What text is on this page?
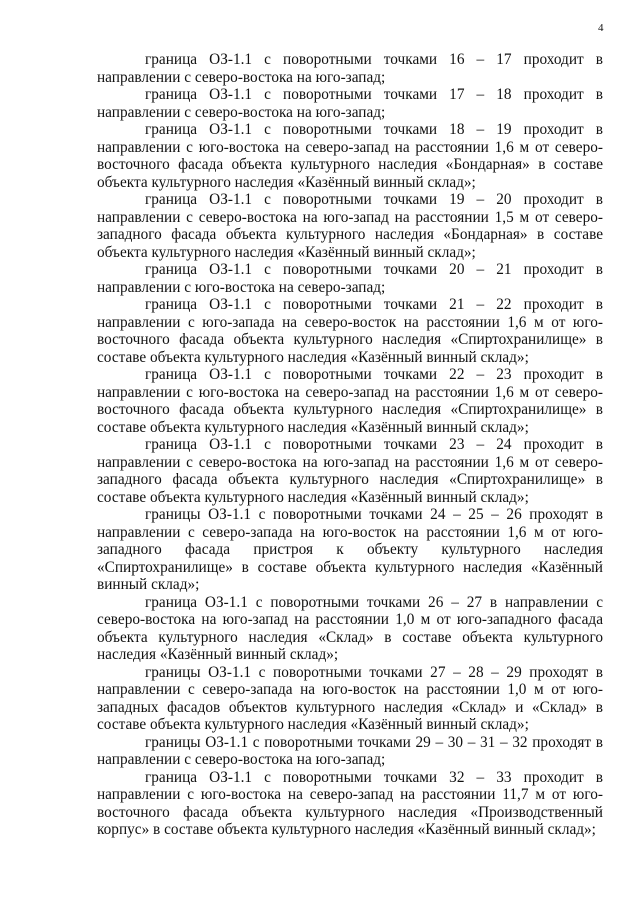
4

граница ОЗ-1.1 с поворотными точками 16 – 17 проходит в направлении с северо-востока на юго-запад;

граница ОЗ-1.1 с поворотными точками 17 – 18 проходит в направлении с северо-востока на юго-запад;

граница ОЗ-1.1 с поворотными точками 18 – 19 проходит в направлении с юго-востока на северо-запад на расстоянии 1,6 м от северо-восточного фасада объекта культурного наследия «Бондарная» в составе объекта культурного наследия «Казённый винный склад»;

граница ОЗ-1.1 с поворотными точками 19 – 20 проходит в направлении с северо-востока на юго-запад на расстоянии 1,5 м от северо-западного фасада объекта культурного наследия «Бондарная» в составе объекта культурного наследия «Казённый винный склад»;

граница ОЗ-1.1 с поворотными точками 20 – 21 проходит в направлении с юго-востока на северо-запад;

граница ОЗ-1.1 с поворотными точками 21 – 22 проходит в направлении с юго-запада на северо-восток на расстоянии 1,6 м от юго-восточного фасада объекта культурного наследия «Спиртохранилище» в составе объекта культурного наследия «Казённый винный склад»;

граница ОЗ-1.1 с поворотными точками 22 – 23 проходит в направлении с юго-востока на северо-запад на расстоянии 1,6 м от северо-восточного фасада объекта культурного наследия «Спиртохранилище» в составе объекта культурного наследия «Казённый винный склад»;

граница ОЗ-1.1 с поворотными точками 23 – 24 проходит в направлении с северо-востока на юго-запад на расстоянии 1,6 м от северо-западного фасада объекта культурного наследия «Спиртохранилище» в составе объекта культурного наследия «Казённый винный склад»;

границы ОЗ-1.1 с поворотными точками 24 – 25 – 26 проходят в направлении с северо-запада на юго-восток на расстоянии 1,6 м от юго-западного фасада пристроя к объекту культурного наследия «Спиртохранилище» в составе объекта культурного наследия «Казённый винный склад»;

граница ОЗ-1.1 с поворотными точками 26 – 27 в направлении с северо-востока на юго-запад на расстоянии 1,0 м от юго-западного фасада объекта культурного наследия «Склад» в составе объекта культурного наследия «Казённый винный склад»;

границы ОЗ-1.1 с поворотными точками 27 – 28 – 29 проходят в направлении с северо-запада на юго-восток на расстоянии 1,0 м от юго-западных фасадов объектов культурного наследия «Склад» и «Склад» в составе объекта культурного наследия «Казённый винный склад»;

границы ОЗ-1.1 с поворотными точками 29 – 30 – 31 – 32 проходят в направлении с северо-востока на юго-запад;

граница ОЗ-1.1 с поворотными точками 32 – 33 проходит в направлении с юго-востока на северо-запад на расстоянии 11,7 м от юго-восточного фасада объекта культурного наследия «Производственный корпус» в составе объекта культурного наследия «Казённый винный склад»;
